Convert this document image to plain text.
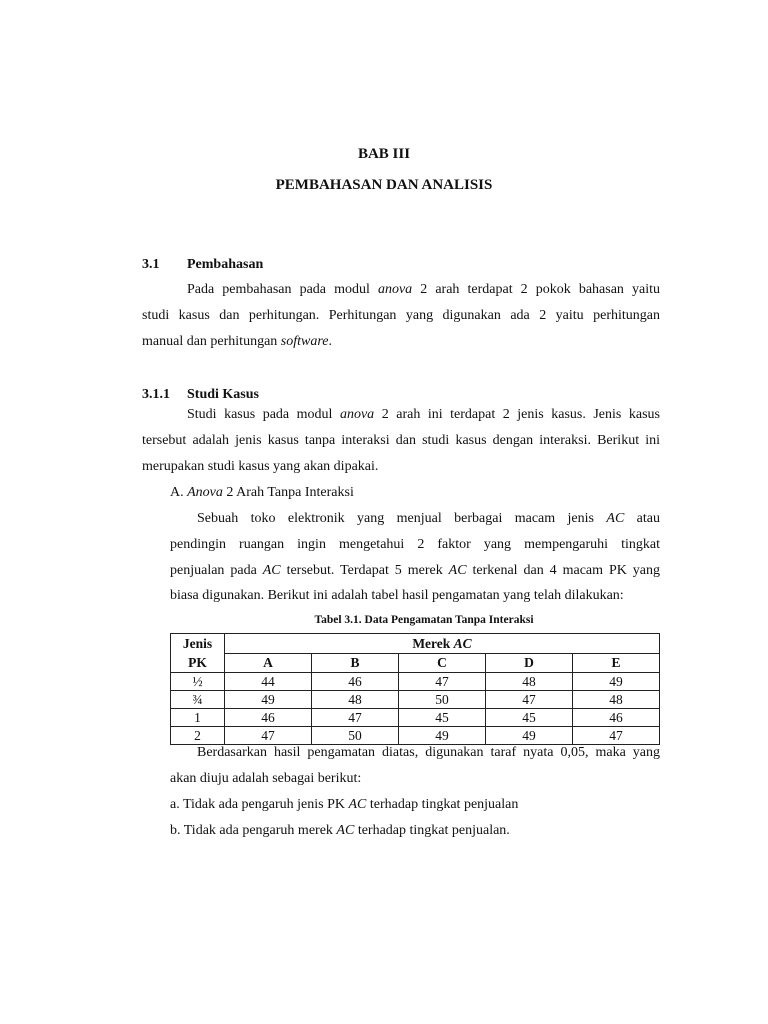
BAB III
PEMBAHASAN DAN ANALISIS
3.1 Pembahasan
Pada pembahasan pada modul anova 2 arah terdapat 2 pokok bahasan yaitu
studi kasus dan perhitungan. Perhitungan yang digunakan ada 2 yaitu perhitungan
manual dan perhitungan software.
3.1.1 Studi Kasus
Studi kasus pada modul anova 2 arah ini terdapat 2 jenis kasus. Jenis kasus
tersebut adalah jenis kasus tanpa interaksi dan studi kasus dengan interaksi. Berikut ini
merupakan studi kasus yang akan dipakai.
A. Anova 2 Arah Tanpa Interaksi
Sebuah toko elektronik yang menjual berbagai macam jenis AC atau
pendingin ruangan ingin mengetahui 2 faktor yang mempengaruhi tingkat
penjualan pada AC tersebut. Terdapat 5 merek AC terkenal dan 4 macam PK yang
biasa digunakan. Berikut ini adalah tabel hasil pengamatan yang telah dilakukan:
Tabel 3.1. Data Pengamatan Tanpa Interaksi
Jenis
PK	Merek AC				
	A	B	C	D	E
½	44	46	47	48	49
¾	49	48	50	47	48
1	46	47	45	45	46
2	47	50	49	49	47
Berdasarkan hasil pengamatan diatas, digunakan taraf nyata 0,05, maka yang
akan diuju adalah sebagai berikut:
a. Tidak ada pengaruh jenis PK AC terhadap tingkat penjualan
b. Tidak ada pengaruh merek AC terhadap tingkat penjualan.
